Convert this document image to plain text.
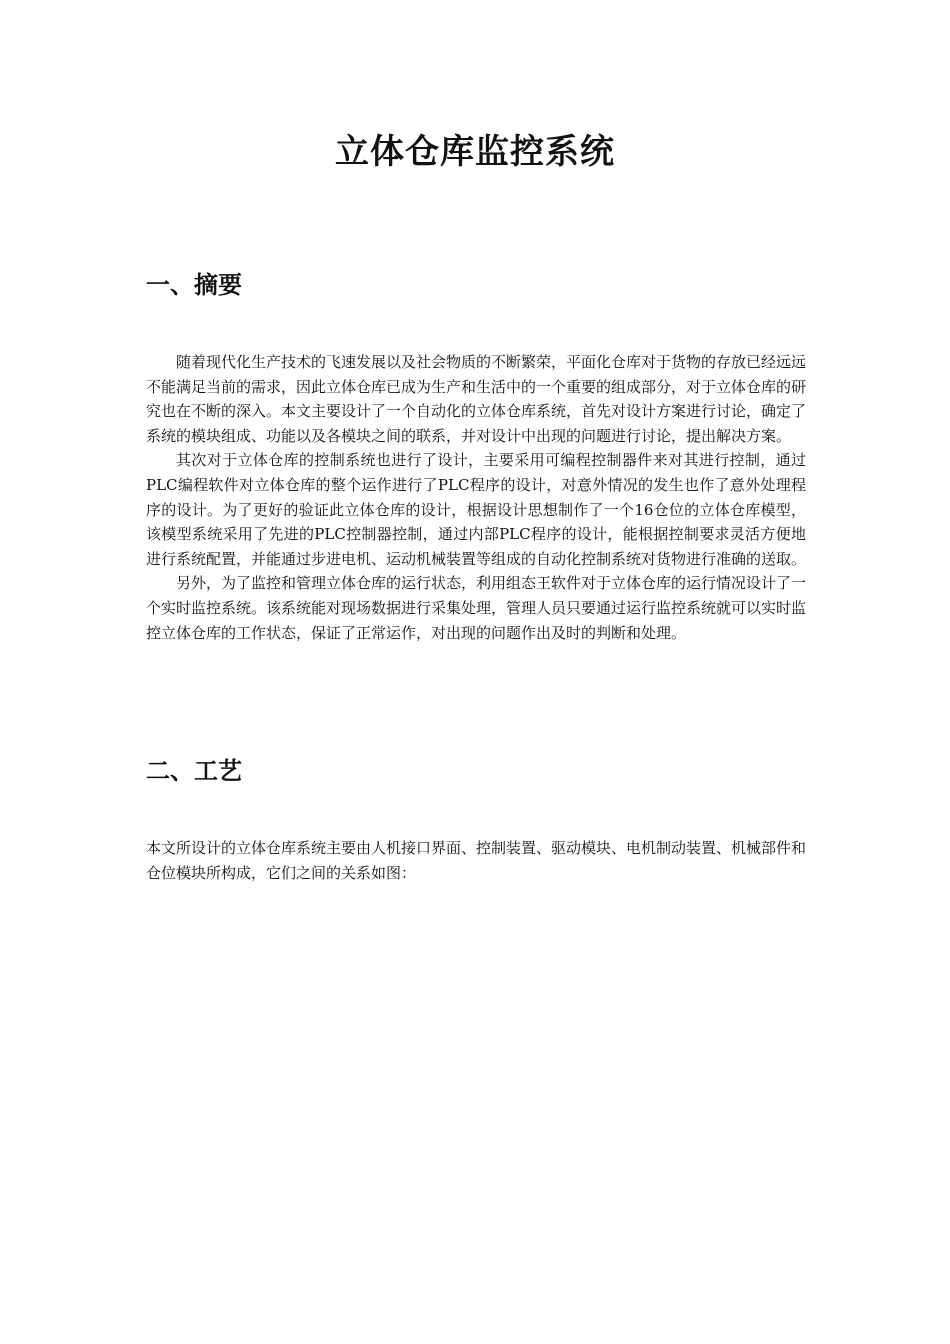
立体仓库监控系统
一、摘要

随着现代化生产技术的飞速发展以及社会物质的不断繁荣，平面化仓库对于货物的存放已经远远不能满足当前的需求，因此立体仓库已成为生产和生活中的一个重要的组成部分，对于立体仓库的研究也在不断的深入。本文主要设计了一个自动化的立体仓库系统，首先对设计方案进行讨论，确定了系统的模块组成、功能以及各模块之间的联系，并对设计中出现的问题进行讨论，提出解决方案。

其次对于立体仓库的控制系统也进行了设计，主要采用可编程控制器件来对其进行控制，通过PLC编程软件对立体仓库的整个运作进行了PLC程序的设计，对意外情况的发生也作了意外处理程序的设计。为了更好的验证此立体仓库的设计，根据设计思想制作了一个16仓位的立体仓库模型，该模型系统采用了先进的PLC控制器控制，通过内部PLC程序的设计，能根据控制要求灵活方便地进行系统配置，并能通过步进电机、运动机械装置等组成的自动化控制系统对货物进行准确的送取。

另外，为了监控和管理立体仓库的运行状态，利用组态王软件对于立体仓库的运行情况设计了一个实时监控系统。该系统能对现场数据进行采集处理，管理人员只要通过运行监控系统就可以实时监控立体仓库的工作状态，保证了正常运作，对出现的问题作出及时的判断和处理。

二、工艺

本文所设计的立体仓库系统主要由人机接口界面、控制装置、驱动模块、电机制动装置、机械部件和仓位模块所构成，它们之间的关系如图：
